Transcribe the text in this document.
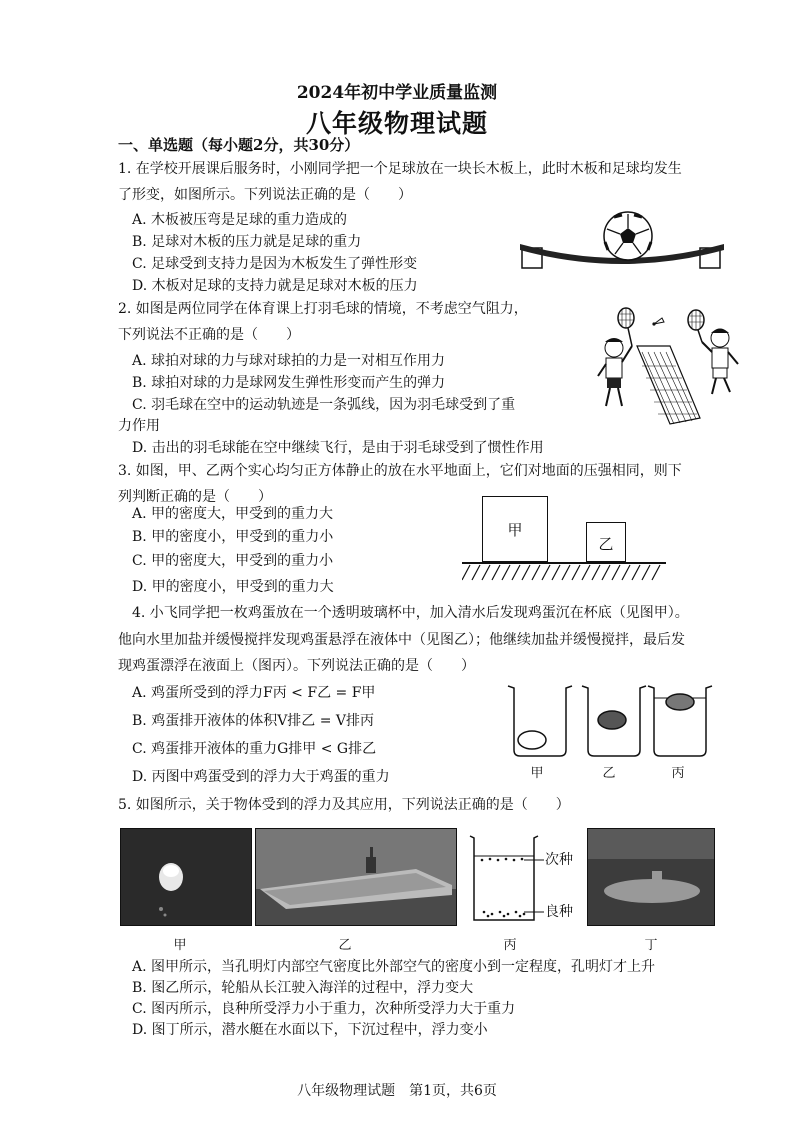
2024年初中学业质量监测
八年级物理试题
一、单选题（每小题2分，共30分）
1. 在学校开展课后服务时，小刚同学把一个足球放在一块长木板上，此时木板和足球均发生
了形变，如图所示。下列说法正确的是（　　）
A. 木板被压弯是足球的重力造成的
B. 足球对木板的压力就是足球的重力
C. 足球受到支持力是因为木板发生了弹性形变
D. 木板对足球的支持力就是足球对木板的压力
2. 如图是两位同学在体育课上打羽毛球的情境，不考虑空气阻力，
下列说法不正确的是（　　）
A. 球拍对球的力与球对球拍的力是一对相互作用力
B. 球拍对球的力是球网发生弹性形变而产生的弹力
C. 羽毛球在空中的运动轨迹是一条弧线，因为羽毛球受到了重
力作用
D. 击出的羽毛球能在空中继续飞行，是由于羽毛球受到了惯性作用
3. 如图，甲、乙两个实心均匀正方体静止的放在水平地面上，它们对地面的压强相同，则下
列判断正确的是（　　）
A. 甲的密度大，甲受到的重力大
B. 甲的密度小，甲受到的重力小
C. 甲的密度大，甲受到的重力小
D. 甲的密度小，甲受到的重力大
甲
乙
4. 小飞同学把一枚鸡蛋放在一个透明玻璃杯中，加入清水后发现鸡蛋沉在杯底（见图甲）。
他向水里加盐并缓慢搅拌发现鸡蛋悬浮在液体中（见图乙）；他继续加盐并缓慢搅拌，最后发
现鸡蛋漂浮在液面上（图丙）。下列说法正确的是（　　）
A. 鸡蛋所受到的浮力F丙 < F乙 = F甲
B. 鸡蛋排开液体的体积V排乙 = V排丙
C. 鸡蛋排开液体的重力G排甲 < G排乙
D. 丙图中鸡蛋受到的浮力大于鸡蛋的重力	甲	乙	丙
5. 如图所示，关于物体受到的浮力及其应用，下列说法正确的是（　　）
次种
良种
甲	乙	丙	丁
A. 图甲所示，当孔明灯内部空气密度比外部空气的密度小到一定程度，孔明灯才上升
B. 图乙所示，轮船从长江驶入海洋的过程中，浮力变大
C. 图丙所示，良种所受浮力小于重力，次种所受浮力大于重力
D. 图丁所示，潜水艇在水面以下，下沉过程中，浮力变小
八年级物理试题　第1页，共6页
